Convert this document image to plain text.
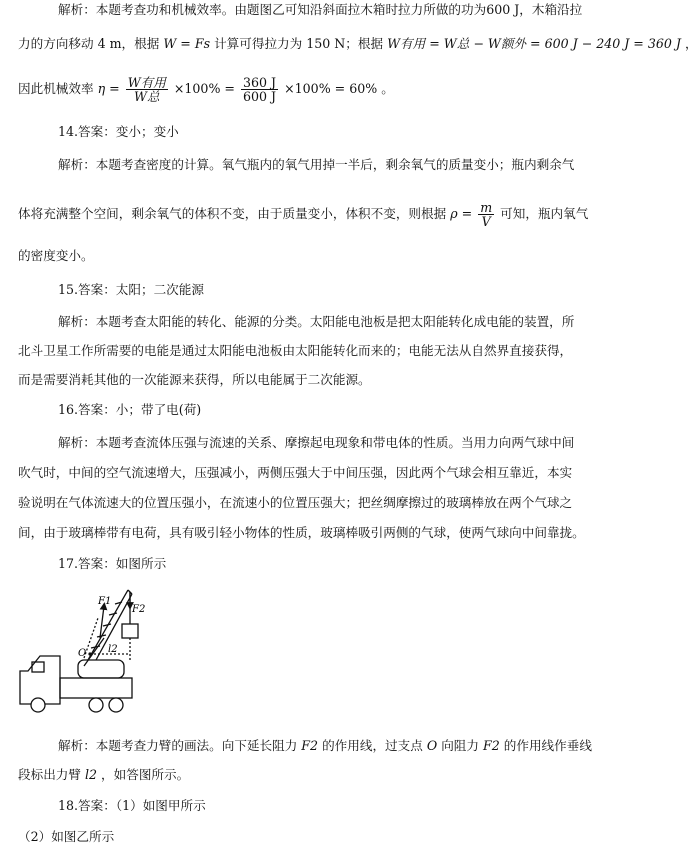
解析：本题考查功和机械效率。由题图乙可知沿斜面拉木箱时拉力所做的功为600 J，木箱沿拉
力的方向移动 4 m，根据 W = Fs 计算可得拉力为 150 N；根据 W有用 = W总 − W额外 = 600 J − 240 J = 360 J ，
因此机械效率 $\eta = \frac{\text{W有用}}{\text{W总}} \times 100\% = \frac{360 J}{600 J} \times 100\% = 60\%$ 。
14.答案：变小；变小
解析：本题考查密度的计算。氧气瓶内的氧气用掉一半后，剩余氧气的质量变小；瓶内剩余气
体将充满整个空间，剩余氧气的体积不变，由于质量变小，体积不变，则根据 $\rho = \frac{m}{V}$ 可知，瓶内氧气
的密度变小。
15.答案：太阳；二次能源
解析：本题考查太阳能的转化、能源的分类。太阳能电池板是把太阳能转化成电能的装置，所
北斗卫星工作所需要的电能是通过太阳能电池板由太阳能转化而来的；电能无法从自然界直接获得，
而是需要消耗其他的一次能源来获得，所以电能属于二次能源。
16.答案：小；带了电(荷)
解析：本题考查流体压强与流速的关系、摩擦起电现象和带电体的性质。当用力向两气球中间
吹气时，中间的空气流速增大，压强减小，两侧压强大于中间压强，因此两个气球会相互靠近，本实
验说明在气体流速大的位置压强小，在流速小的位置压强大；把丝绸摩擦过的玻璃棒放在两个气球之
间，由于玻璃棒带有电荷，具有吸引轻小物体的性质，玻璃棒吸引两侧的气球，使两气球向中间靠拢。
17.答案：如图所示
F1
F2
O l2
解析：本题考查力臂的画法。向下延长阻力 F2 的作用线，过支点 O 向阻力 F2 的作用线作垂线
段标出力臂 l2 ，如答图所示。
18.答案：（1）如图甲所示
（2）如图乙所示
